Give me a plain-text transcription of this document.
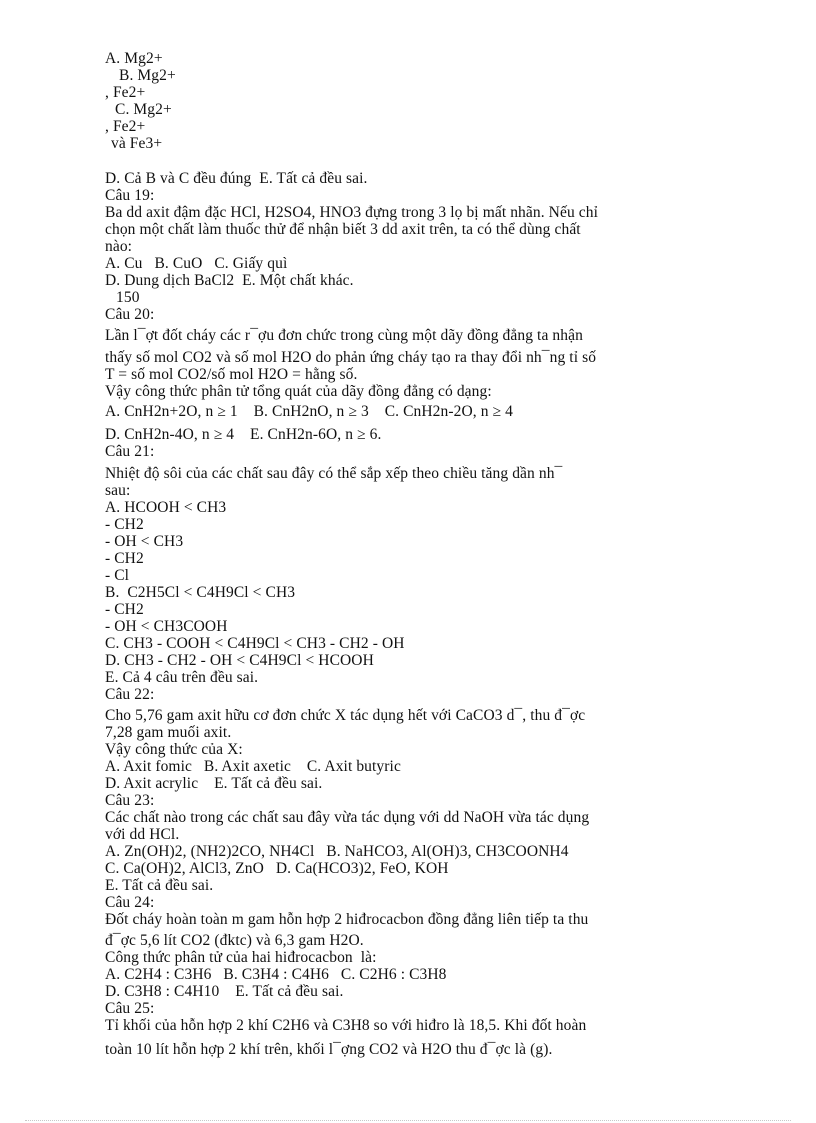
A. Mg2+
B. Mg2+
, Fe2+
C. Mg2+
, Fe2+
và Fe3+
D. Cả B và C đều đúng  E. Tất cả đều sai.
Câu 19:
Ba dd axit đậm đặc HCl, H2SO4, HNO3 đựng trong 3 lọ bị mất nhãn. Nếu chỉ
chọn một chất làm thuốc thử để nhận biết 3 dd axit trên, ta có thể dùng chất
nào:
A. Cu   B. CuO   C. Giấy quì
D. Dung dịch BaCl2  E. Một chất khác.
150
Câu 20:
Lần l¯ợt đốt cháy các r¯ợu đơn chức trong cùng một dãy đồng đẳng ta nhận
thấy số mol CO2 và số mol H2O do phản ứng cháy tạo ra thay đổi nh¯ng tỉ số
T = số mol CO2/số mol H2O = hằng số.
Vậy công thức phân tử tổng quát của dãy đồng đẳng có dạng:
A. CnH2n+2O, n ≥ 1    B. CnH2nO, n ≥ 3    C. CnH2n-2O, n ≥ 4
D. CnH2n-4O, n ≥ 4    E. CnH2n-6O, n ≥ 6.
Câu 21:
Nhiệt độ sôi của các chất sau đây có thể sắp xếp theo chiều tăng dần nh¯
sau:
A. HCOOH < CH3
- CH2
- OH < CH3
- CH2
- Cl
B.  C2H5Cl < C4H9Cl < CH3
- CH2
- OH < CH3COOH
C. CH3 - COOH < C4H9Cl < CH3 - CH2 - OH
D. CH3 - CH2 - OH < C4H9Cl < HCOOH
E. Cả 4 câu trên đều sai.
Câu 22:
Cho 5,76 gam axit hữu cơ đơn chức X tác dụng hết với CaCO3 d¯, thu đ¯ợc
7,28 gam muối axit.
Vậy công thức của X:
A. Axit fomic   B. Axit axetic    C. Axit butyric
D. Axit acrylic    E. Tất cả đều sai.
Câu 23:
Các chất nào trong các chất sau đây vừa tác dụng với dd NaOH vừa tác dụng
với dd HCl.
A. Zn(OH)2, (NH2)2CO, NH4Cl   B. NaHCO3, Al(OH)3, CH3COONH4
C. Ca(OH)2, AlCl3, ZnO   D. Ca(HCO3)2, FeO, KOH
E. Tất cả đều sai.
Câu 24:
Đốt cháy hoàn toàn m gam hỗn hợp 2 hiđrocacbon đồng đẳng liên tiếp ta thu
đ¯ợc 5,6 lít CO2 (đktc) và 6,3 gam H2O.
Công thức phân tử của hai hiđrocacbon  là:
A. C2H4 : C3H6   B. C3H4 : C4H6   C. C2H6 : C3H8
D. C3H8 : C4H10    E. Tất cả đều sai.
Câu 25:
Tỉ khối của hỗn hợp 2 khí C2H6 và C3H8 so với hiđro là 18,5. Khi đốt hoàn
toàn 10 lít hỗn hợp 2 khí trên, khối l¯ợng CO2 và H2O thu đ¯ợc là (g).
